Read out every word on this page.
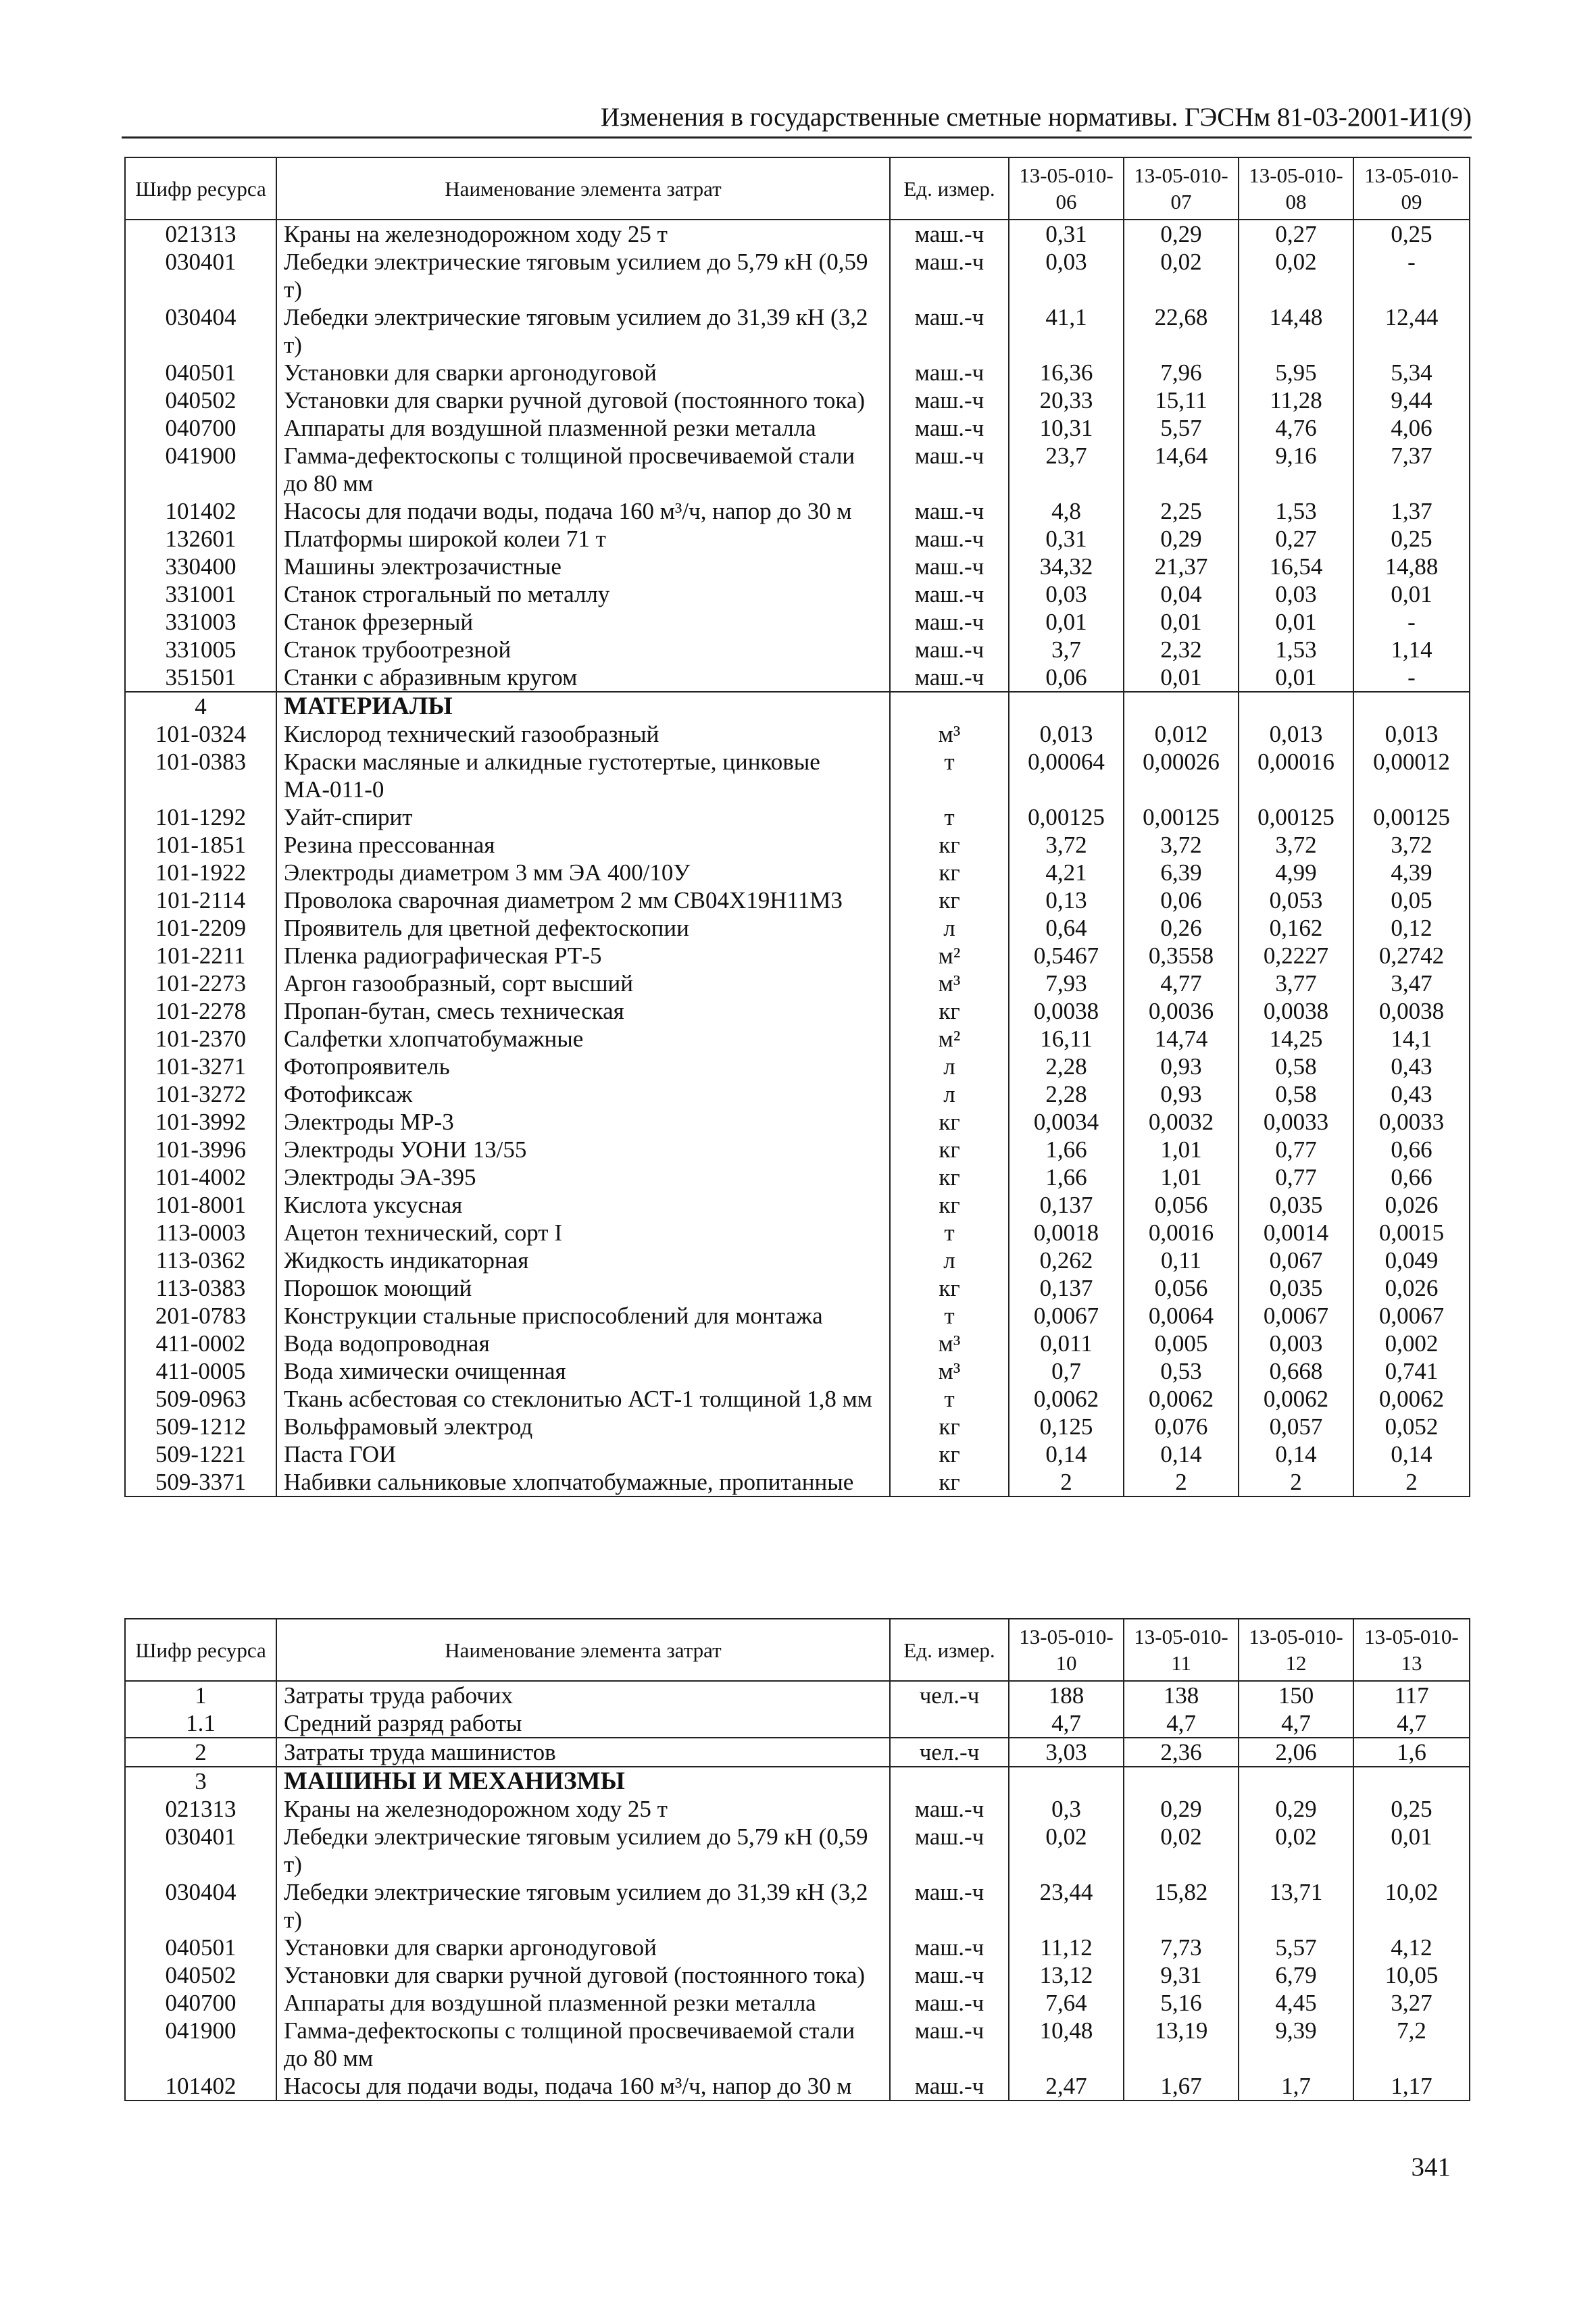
Изменения в государственные сметные нормативы. ГЭСНм 81-03-2001-И1(9)
Шифр ресурса	Наименование элемента затрат	Ед. измер.	13-05-010-06	13-05-010-07	13-05-010-08	13-05-010-09
021313	Краны на железнодорожном ходу 25 т	маш.-ч	0,31	0,29	0,27	0,25
030401	Лебедки электрические тяговым усилием до 5,79 кН (0,59 т)	маш.-ч	0,03	0,02	0,02	-
030404	Лебедки электрические тяговым усилием до 31,39 кН (3,2 т)	маш.-ч	41,1	22,68	14,48	12,44
040501	Установки для сварки аргонодуговой	маш.-ч	16,36	7,96	5,95	5,34
040502	Установки для сварки ручной дуговой (постоянного тока)	маш.-ч	20,33	15,11	11,28	9,44
040700	Аппараты для воздушной плазменной резки металла	маш.-ч	10,31	5,57	4,76	4,06
041900	Гамма-дефектоскопы с толщиной просвечиваемой стали до 80 мм	маш.-ч	23,7	14,64	9,16	7,37
101402	Насосы для подачи воды, подача 160 м³/ч, напор до 30 м	маш.-ч	4,8	2,25	1,53	1,37
132601	Платформы широкой колеи 71 т	маш.-ч	0,31	0,29	0,27	0,25
330400	Машины электрозачистные	маш.-ч	34,32	21,37	16,54	14,88
331001	Станок строгальный по металлу	маш.-ч	0,03	0,04	0,03	0,01
331003	Станок фрезерный	маш.-ч	0,01	0,01	0,01	-
331005	Станок трубоотрезной	маш.-ч	3,7	2,32	1,53	1,14
351501	Станки с абразивным кругом	маш.-ч	0,06	0,01	0,01	-
4	МАТЕРИАЛЫ					
101-0324	Кислород технический газообразный	м³	0,013	0,012	0,013	0,013
101-0383	Краски масляные и алкидные густотертые, цинковые МА-011-0	т	0,00064	0,00026	0,00016	0,00012
101-1292	Уайт-спирит	т	0,00125	0,00125	0,00125	0,00125
101-1851	Резина прессованная	кг	3,72	3,72	3,72	3,72
101-1922	Электроды диаметром 3 мм ЭА 400/10У	кг	4,21	6,39	4,99	4,39
101-2114	Проволока сварочная диаметром 2 мм СВ04Х19Н11М3	кг	0,13	0,06	0,053	0,05
101-2209	Проявитель для цветной дефектоскопии	л	0,64	0,26	0,162	0,12
101-2211	Пленка радиографическая РТ-5	м²	0,5467	0,3558	0,2227	0,2742
101-2273	Аргон газообразный, сорт высший	м³	7,93	4,77	3,77	3,47
101-2278	Пропан-бутан, смесь техническая	кг	0,0038	0,0036	0,0038	0,0038
101-2370	Салфетки хлопчатобумажные	м²	16,11	14,74	14,25	14,1
101-3271	Фотопроявитель	л	2,28	0,93	0,58	0,43
101-3272	Фотофиксаж	л	2,28	0,93	0,58	0,43
101-3992	Электроды МР-3	кг	0,0034	0,0032	0,0033	0,0033
101-3996	Электроды УОНИ 13/55	кг	1,66	1,01	0,77	0,66
101-4002	Электроды ЭА-395	кг	1,66	1,01	0,77	0,66
101-8001	Кислота уксусная	кг	0,137	0,056	0,035	0,026
113-0003	Ацетон технический, сорт I	т	0,0018	0,0016	0,0014	0,0015
113-0362	Жидкость индикаторная	л	0,262	0,11	0,067	0,049
113-0383	Порошок моющий	кг	0,137	0,056	0,035	0,026
201-0783	Конструкции стальные приспособлений для монтажа	т	0,0067	0,0064	0,0067	0,0067
411-0002	Вода водопроводная	м³	0,011	0,005	0,003	0,002
411-0005	Вода химически очищенная	м³	0,7	0,53	0,668	0,741
509-0963	Ткань асбестовая со стеклонитью АСТ-1 толщиной 1,8 мм	т	0,0062	0,0062	0,0062	0,0062
509-1212	Вольфрамовый электрод	кг	0,125	0,076	0,057	0,052
509-1221	Паста ГОИ	кг	0,14	0,14	0,14	0,14
509-3371	Набивки сальниковые хлопчатобумажные, пропитанные	кг	2	2	2	2
Шифр ресурса	Наименование элемента затрат	Ед. измер.	13-05-010-10	13-05-010-11	13-05-010-12	13-05-010-13
1	Затраты труда рабочих	чел.-ч	188	138	150	117
1.1	Средний разряд работы		4,7	4,7	4,7	4,7
2	Затраты труда машинистов	чел.-ч	3,03	2,36	2,06	1,6
3	МАШИНЫ И МЕХАНИЗМЫ					
021313	Краны на железнодорожном ходу 25 т	маш.-ч	0,3	0,29	0,29	0,25
030401	Лебедки электрические тяговым усилием до 5,79 кН (0,59 т)	маш.-ч	0,02	0,02	0,02	0,01
030404	Лебедки электрические тяговым усилием до 31,39 кН (3,2 т)	маш.-ч	23,44	15,82	13,71	10,02
040501	Установки для сварки аргонодуговой	маш.-ч	11,12	7,73	5,57	4,12
040502	Установки для сварки ручной дуговой (постоянного тока)	маш.-ч	13,12	9,31	6,79	10,05
040700	Аппараты для воздушной плазменной резки металла	маш.-ч	7,64	5,16	4,45	3,27
041900	Гамма-дефектоскопы с толщиной просвечиваемой стали до 80 мм	маш.-ч	10,48	13,19	9,39	7,2
101402	Насосы для подачи воды, подача 160 м³/ч, напор до 30 м	маш.-ч	2,47	1,67	1,7	1,17
341
